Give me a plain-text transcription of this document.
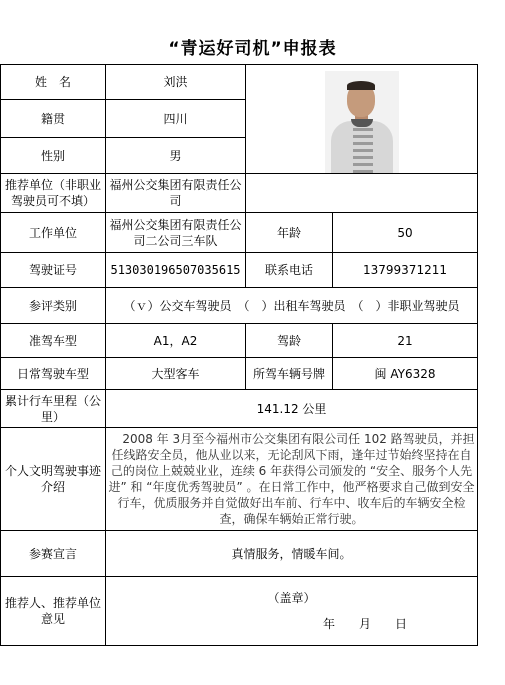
“青运好司机”申报表
姓　名	刘洪		

籍贯	四川		
性别	男		
推荐单位（非职业驾驶员可不填）	福州公交集团有限责任公司		
工作单位	福州公交集团有限责任公司二公司三车队	年龄	50
驾驶证号	513030196507035615	联系电话	13799371211
参评类别	（ｖ）公交车驾驶员　（　）出租车驾驶员　（　）非职业驾驶员		
准驾车型	A1，A2	驾龄	21
日常驾驶车型	大型客车	所驾车辆号牌	闽 AY6328
累计行车里程（公里）	141.12 公里		
个人文明驾驶事迹介绍	2008 年 3月至今福州市公交集团有限公司任 102 路驾驶员，并担任线路安全员，他从业以来，无论刮风下雨，逢年过节始终坚持在自己的岗位上兢兢业业，连续 6 年获得公司颁发的 “安全、服务个人先进” 和 “年度优秀驾驶员” 。在日常工作中，他严格要求自己做到安全行车，优质服务并自觉做好出车前、行车中、收车后的车辆安全检查，确保车辆始正常行驶。		
参赛宣言	真情服务，情暖车间。		
推荐人、推荐单位意见	（盖章）
年　　月　　日		
